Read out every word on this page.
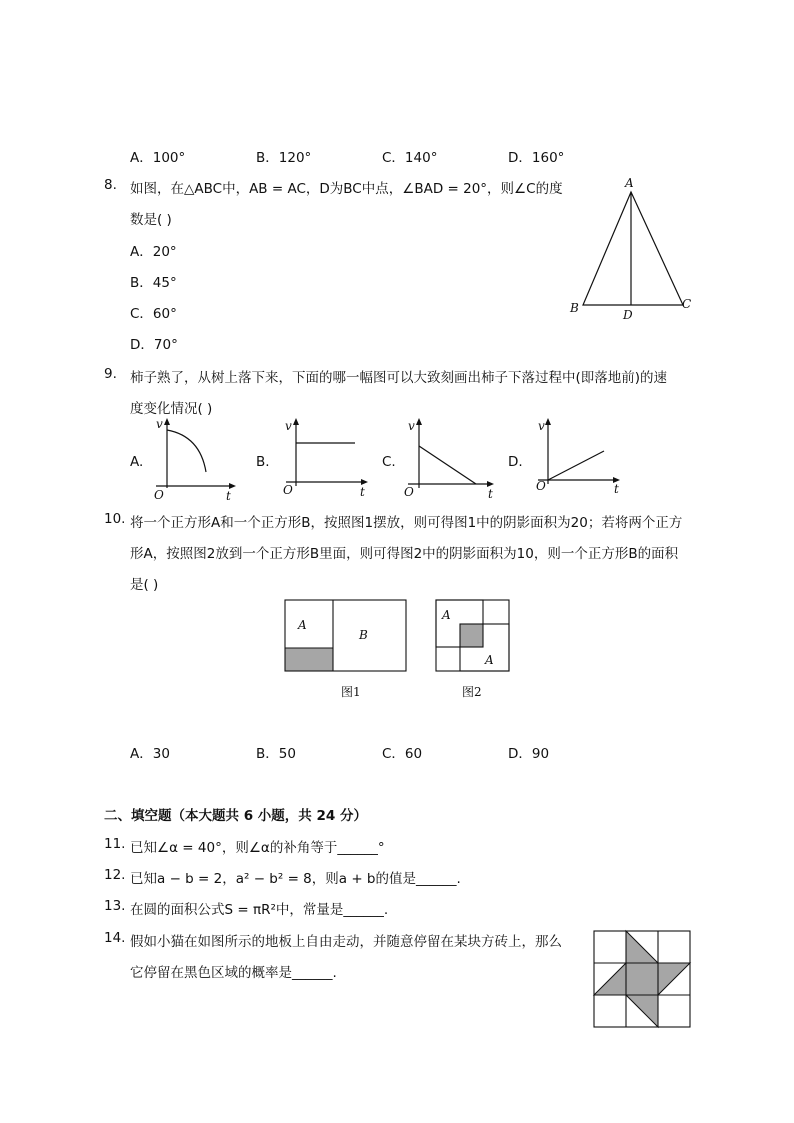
A．100°	B．120°	C．140°	D．160°
8. 如图，在△ABC中，AB = AC，D为BC中点，∠BAD = 20°，则∠C的度
数是( )
A．20°
B．45°
C．60°
D．70°
A
B	C
D
9. 柿子熟了，从树上落下来，下面的哪一幅图可以大致刻画出柿子下落过程中(即落地前)的速
度变化情况( )
A.	B.	C.	D.
v
O	t
v
O	t
v
O	t
v
O	t
10. 将一个正方形A和一个正方形B，按照图1摆放，则可得图1中的阴影面积为20；若将两个正方
形A，按照图2放到一个正方形B里面，则可得图2中的阴影面积为10，则一个正方形B的面积
是( )
A
B
图1
A
A
图2
A．30	B．50	C．60	D．90
二、填空题（本大题共 6 小题，共 24 分）
11. 已知∠α = 40°，则∠α的补角等于______°
12. 已知a − b = 2，a² − b² = 8，则a + b的值是______.
13. 在圆的面积公式S = πR²中，常量是______.
14. 假如小猫在如图所示的地板上自由走动，并随意停留在某块方砖上，那么
它停留在黑色区域的概率是______.
